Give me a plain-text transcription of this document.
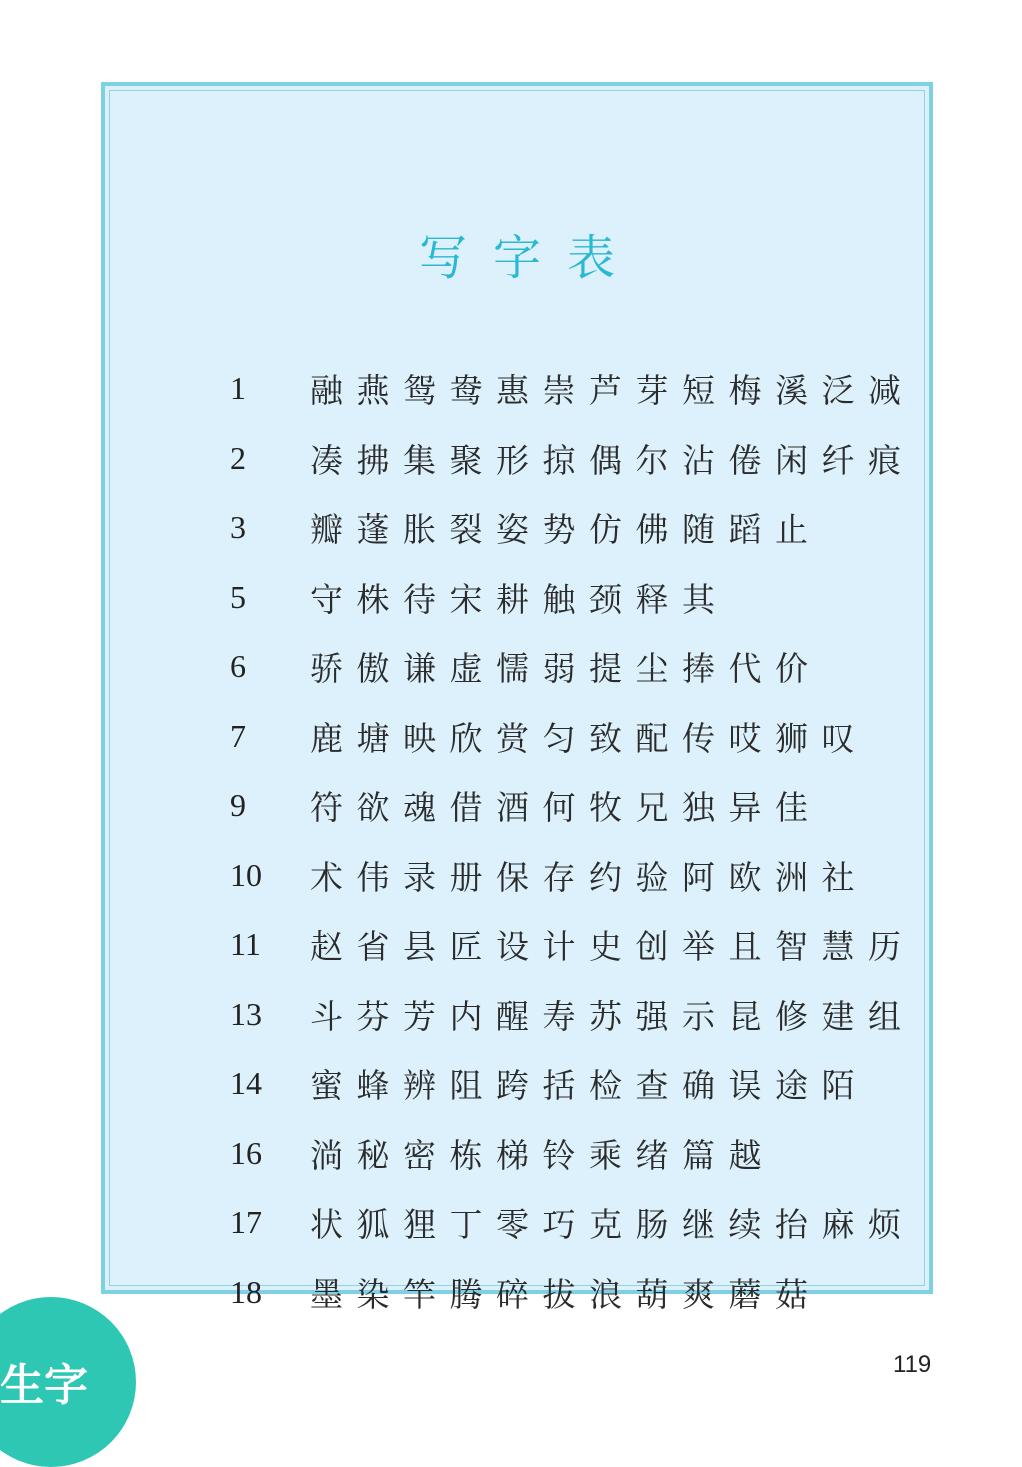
写字表
1	融燕鸳鸯惠崇芦芽短梅溪泛减
2	凑拂集聚形掠偶尔沾倦闲纤痕
3	瓣蓬胀裂姿势仿佛随蹈止
5	守株待宋耕触颈释其
6	骄傲谦虚懦弱提尘捧代价
7	鹿塘映欣赏匀致配传哎狮叹
9	符欲魂借酒何牧兄独异佳
10	术伟录册保存约验阿欧洲社
11	赵省县匠设计史创举且智慧历
13	斗芬芳内醒寿苏强示昆修建组
14	蜜蜂辨阻跨括检查确误途陌
16	淌秘密栋梯铃乘绪篇越
17	状狐狸丁零巧克肠继续抬麻烦
18	墨染竿腾碎拔浪葫爽蘑菇
生字	119
